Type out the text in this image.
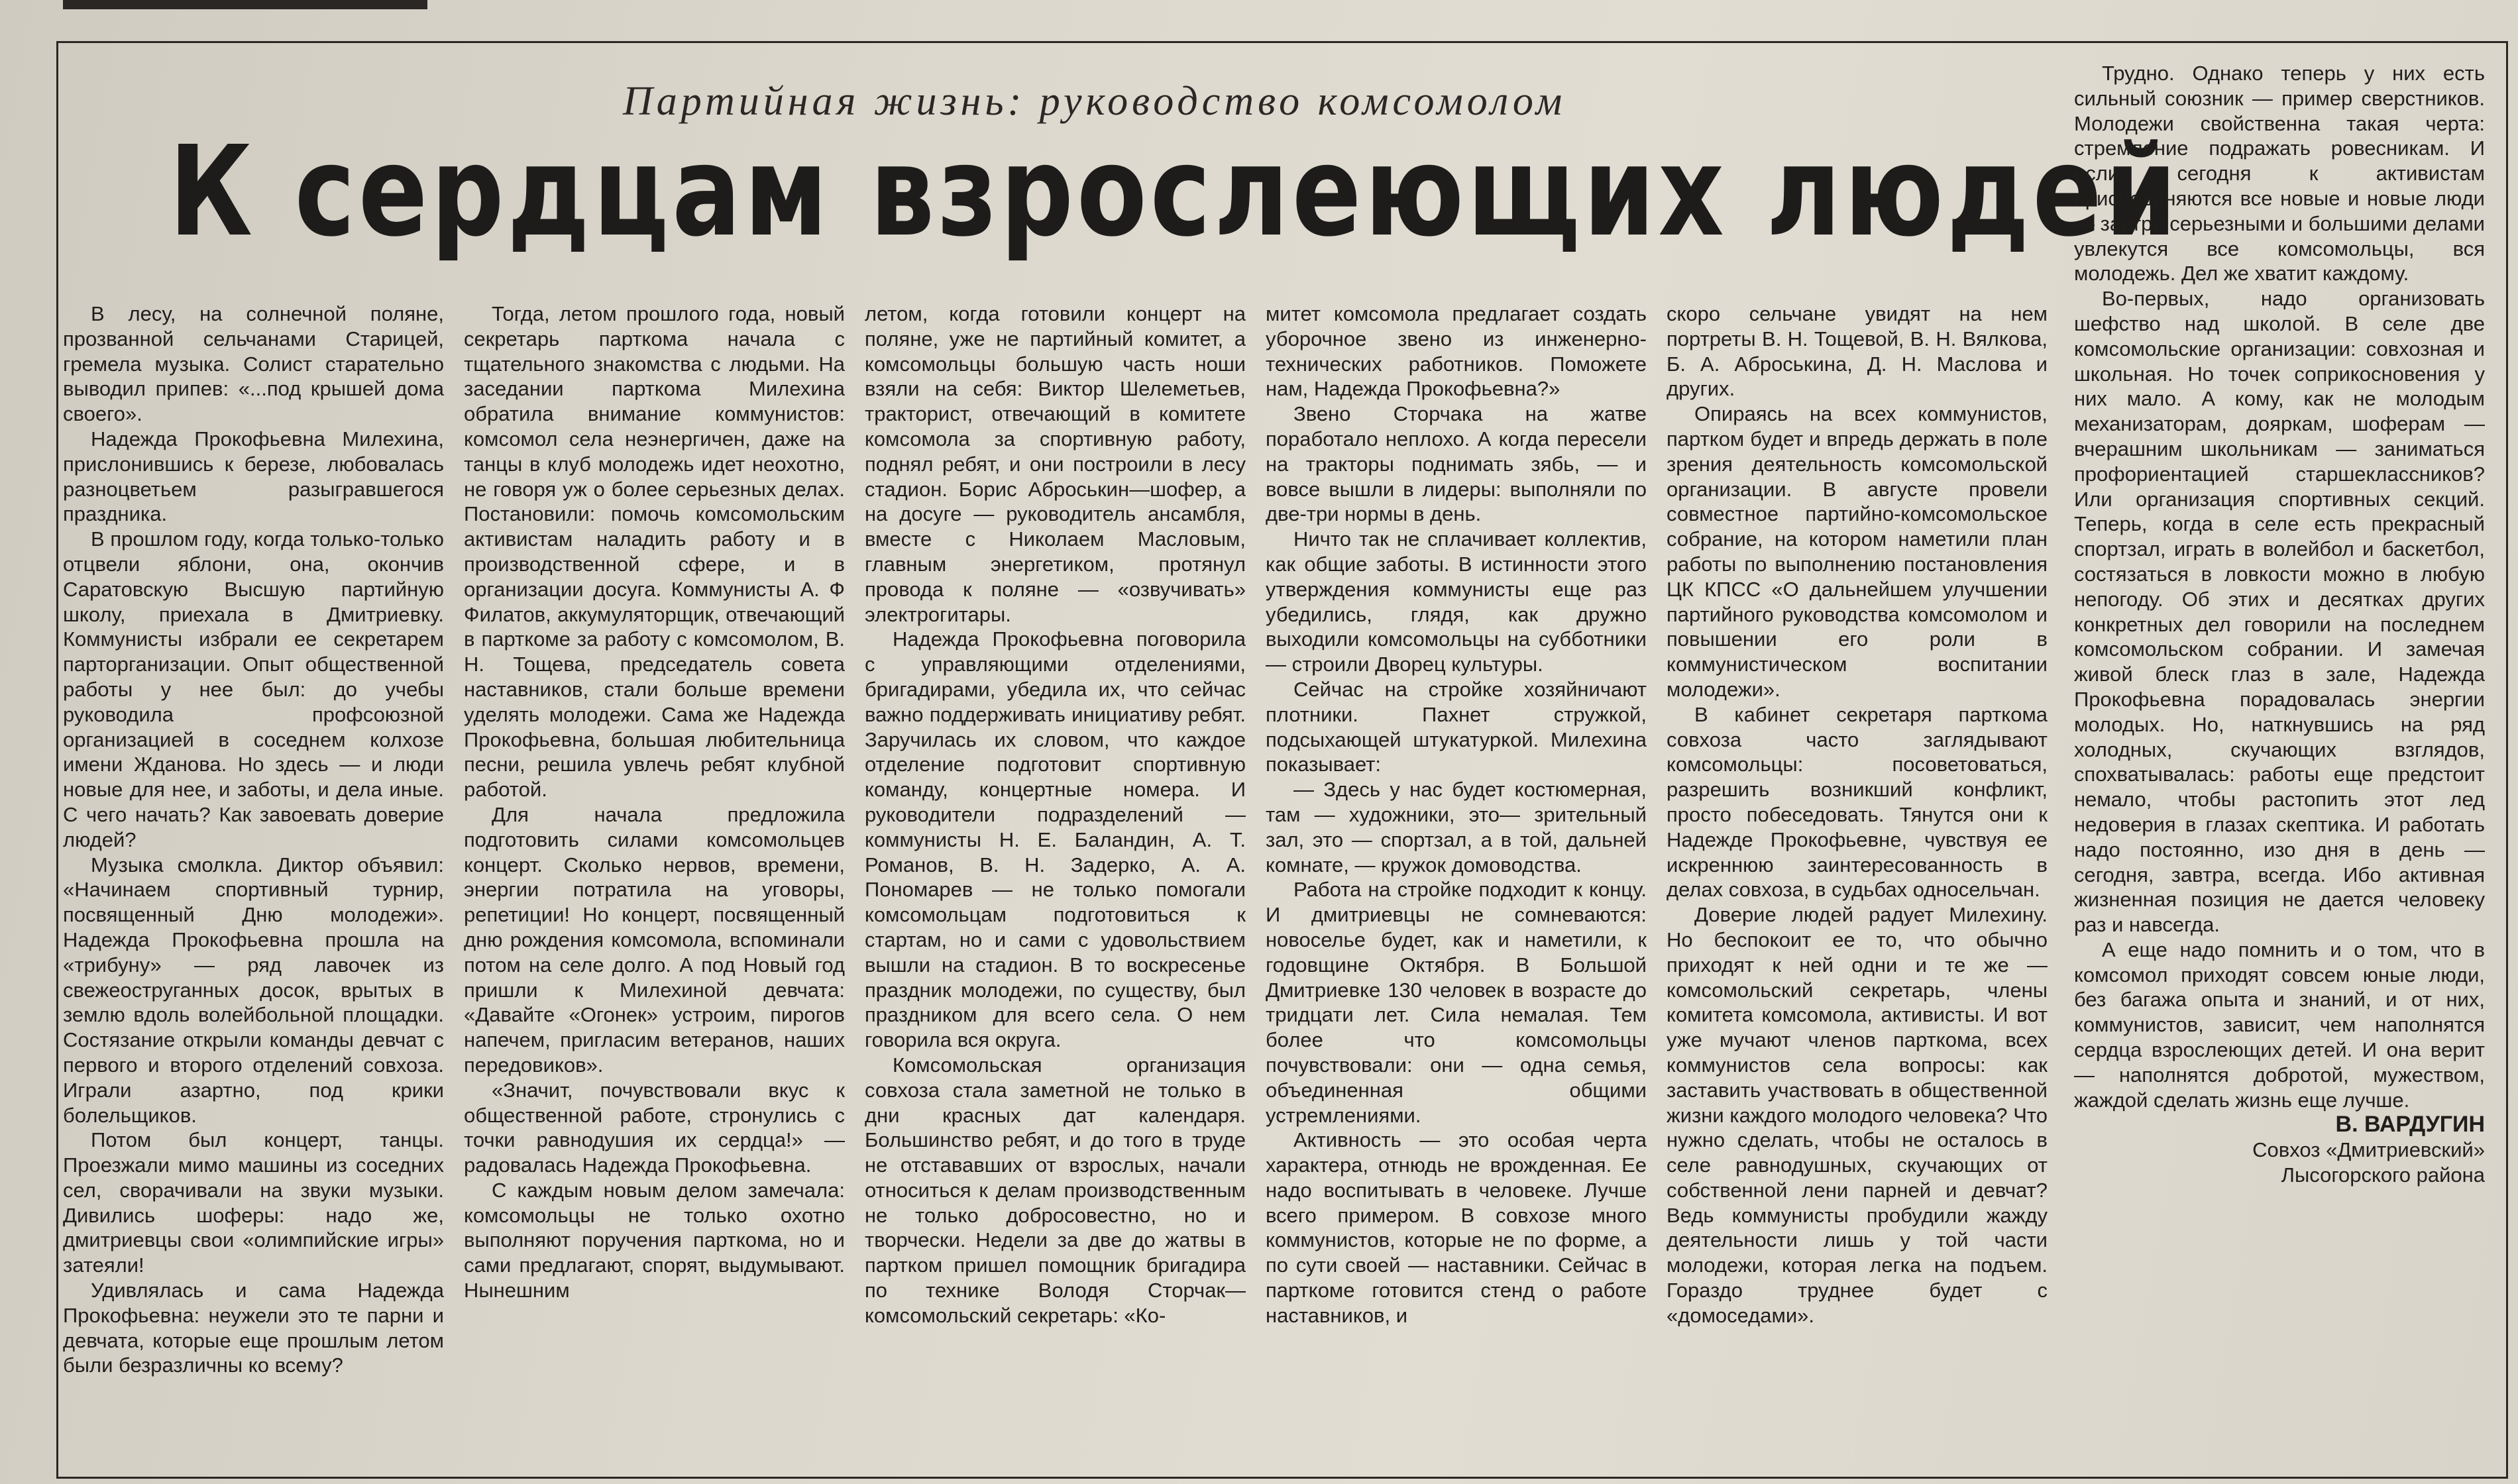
Партийная жизнь: руководство комсомолом
К сердцам взрослеющих людей

В лесу, на солнечной поляне, прозванной сельчанами Старицей, гремела музыка. Солист старательно выводил припев: «...под крышей дома своего».

Надежда Прокофьевна Милехина, прислонившись к березе, любовалась разноцветьем разыгравшегося праздника.

В прошлом году, когда только-только отцвели яблони, она, окончив Саратовскую Высшую партийную школу, приехала в Дмитриевку. Коммунисты избрали ее секретарем парторганизации. Опыт общественной работы у нее был: до учебы руководила профсоюзной организацией в соседнем колхозе имени Жданова. Но здесь — и люди новые для нее, и заботы, и дела иные. С чего начать? Как завоевать доверие людей?

Музыка смолкла. Диктор объявил: «Начинаем спортивный турнир, посвященный Дню молодежи». Надежда Прокофьевна прошла на «трибуну» — ряд лавочек из свежеоструганных досок, врытых в землю вдоль волейбольной площадки. Состязание открыли команды девчат с первого и второго отделений совхоза. Играли азартно, под крики болельщиков.

Потом был концерт, танцы. Проезжали мимо машины из соседних сел, сворачивали на звуки музыки. Дивились шоферы: надо же, дмитриевцы свои «олимпийские игры» затеяли!

Удивлялась и сама Надежда Прокофьевна: неужели это те парни и девчата, которые еще прошлым летом были безразличны ко всему?

Тогда, летом прошлого года, новый секретарь парткома начала с тщательного знакомства с людьми. На заседании парткома Милехина обратила внимание коммунистов: комсомол села неэнергичен, даже на танцы в клуб молодежь идет неохотно, не говоря уж о более серьезных делах. Постановили: помочь комсомольским активистам наладить работу и в производственной сфере, и в организации досуга. Коммунисты А. Ф Филатов, аккумуляторщик, отвечающий в парткоме за работу с комсомолом, В. Н. Тощева, председатель совета наставников, стали больше времени уделять молодежи. Сама же Надежда Прокофьевна, большая любительница песни, решила увлечь ребят клубной работой.

Для начала предложила подготовить силами комсомольцев концерт. Сколько нервов, времени, энергии потратила на уговоры, репетиции! Но концерт, посвященный дню рождения комсомола, вспоминали потом на селе долго. А под Новый год пришли к Милехиной девчата: «Давайте «Огонек» устроим, пирогов напечем, пригласим ветеранов, наших передовиков».

«Значит, почувствовали вкус к общественной работе, стронулись с точки равнодушия их сердца!» — радовалась Надежда Прокофьевна.

С каждым новым делом замечала: комсомольцы не только охотно выполняют поручения парткома, но и сами предлагают, спорят, выдумывают. Нынешним

летом, когда готовили концерт на поляне, уже не партийный комитет, а комсомольцы большую часть ноши взяли на себя: Виктор Шелеметьев, тракторист, отвечающий в комитете комсомола за спортивную работу, поднял ребят, и они построили в лесу стадион. Борис Аброськин—шофер, а на досуге — руководитель ансамбля, вместе с Николаем Масловым, главным энергетиком, протянул провода к поляне — «озвучивать» электрогитары.

Надежда Прокофьевна поговорила с управляющими отделениями, бригадирами, убедила их, что сейчас важно поддерживать инициативу ребят. Заручилась их словом, что каждое отделение подготовит спортивную команду, концертные номера. И руководители подразделений — коммунисты Н. Е. Баландин, А. Т. Романов, В. Н. Задерко, А. А. Пономарев — не только помогали комсомольцам подготовиться к стартам, но и сами с удовольствием вышли на стадион. В то воскресенье праздник молодежи, по существу, был праздником для всего села. О нем говорила вся округа.

Комсомольская организация совхоза стала заметной не только в дни красных дат календаря. Большинство ребят, и до того в труде не отстававших от взрослых, начали относиться к делам производственным не только добросовестно, но и творчески. Недели за две до жатвы в партком пришел помощник бригадира по технике Володя Сторчак—комсомольский секретарь: «Ко-

митет комсомола предлагает создать уборочное звено из инженерно-технических работников. Поможете нам, Надежда Прокофьевна?»

Звено Сторчака на жатве поработало неплохо. А когда пересели на тракторы поднимать зябь, — и вовсе вышли в лидеры: выполняли по две-три нормы в день.

Ничто так не сплачивает коллектив, как общие заботы. В истинности этого утверждения коммунисты еще раз убедились, глядя, как дружно выходили комсомольцы на субботники — строили Дворец культуры.

Сейчас на стройке хозяйничают плотники. Пахнет стружкой, подсыхающей штукатуркой. Милехина показывает:

— Здесь у нас будет костюмерная, там — художники, это— зрительный зал, это — спортзал, а в той, дальней комнате, — кружок домоводства.

Работа на стройке подходит к концу. И дмитриевцы не сомневаются: новоселье будет, как и наметили, к годовщине Октября. В Большой Дмитриевке 130 человек в возрасте до тридцати лет. Сила немалая. Тем более что комсомольцы почувствовали: они — одна семья, объединенная общими устремлениями.

Активность — это особая черта характера, отнюдь не врожденная. Ее надо воспитывать в человеке. Лучше всего примером. В совхозе много коммунистов, которые не по форме, а по сути своей — наставники. Сейчас в парткоме готовится стенд о работе наставников, и

скоро сельчане увидят на нем портреты В. Н. Тощевой, В. Н. Вялкова, Б. А. Аброськина, Д. Н. Маслова и других.

Опираясь на всех коммунистов, партком будет и впредь держать в поле зрения деятельность комсомольской организации. В августе провели совместное партийно-комсомольское собрание, на котором наметили план работы по выполнению постановления ЦК КПСС «О дальнейшем улучшении партийного руководства комсомолом и повышении его роли в коммунистическом воспитании молодежи».

В кабинет секретаря парткома совхоза часто заглядывают комсомольцы: посоветоваться, разрешить возникший конфликт, просто побеседовать. Тянутся они к Надежде Прокофьевне, чувствуя ее искреннюю заинтересованность в делах совхоза, в судьбах односельчан.

Доверие людей радует Милехину. Но беспокоит ее то, что обычно приходят к ней одни и те же — комсомольский секретарь, члены комитета комсомола, активисты. И вот уже мучают членов парткома, всех коммунистов села вопросы: как заставить участвовать в общественной жизни каждого молодого человека? Что нужно сделать, чтобы не осталось в селе равнодушных, скучающих от собственной лени парней и девчат? Ведь коммунисты пробудили жажду деятельности лишь у той части молодежи, которая легка на подъем. Гораздо труднее будет с «домоседами».

Трудно. Однако теперь у них есть сильный союзник — пример сверстников. Молодежи свойственна такая черта: стремление подражать ровесникам. И если сегодня к активистам присоединяются все новые и новые люди — завтра серьезными и большими делами увлекутся все комсомольцы, вся молодежь. Дел же хватит каждому.

Во-первых, надо организовать шефство над школой. В селе две комсомольские организации: совхозная и школьная. Но точек соприкосновения у них мало. А кому, как не молодым механизаторам, дояркам, шоферам — вчерашним школьникам — заниматься профориентацией старшеклассников? Или организация спортивных секций. Теперь, когда в селе есть прекрасный спортзал, играть в волейбол и баскетбол, состязаться в ловкости можно в любую непогоду. Об этих и десятках других конкретных дел говорили на последнем комсомольском собрании. И замечая живой блеск глаз в зале, Надежда Прокофьевна порадовалась энергии молодых. Но, наткнувшись на ряд холодных, скучающих взглядов, спохватывалась: работы еще предстоит немало, чтобы растопить этот лед недоверия в глазах скептика. И работать надо постоянно, изо дня в день — сегодня, завтра, всегда. Ибо активная жизненная позиция не дается человеку раз и навсегда.

А еще надо помнить и о том, что в комсомол приходят совсем юные люди, без багажа опыта и знаний, и от них, коммунистов, зависит, чем наполнятся сердца взрослеющих детей. И она верит — наполнятся добротой, мужеством, жаждой сделать жизнь еще лучше.

В. ВАРДУГИН

Совхоз «Дмитриевский»

Лысогорского района
